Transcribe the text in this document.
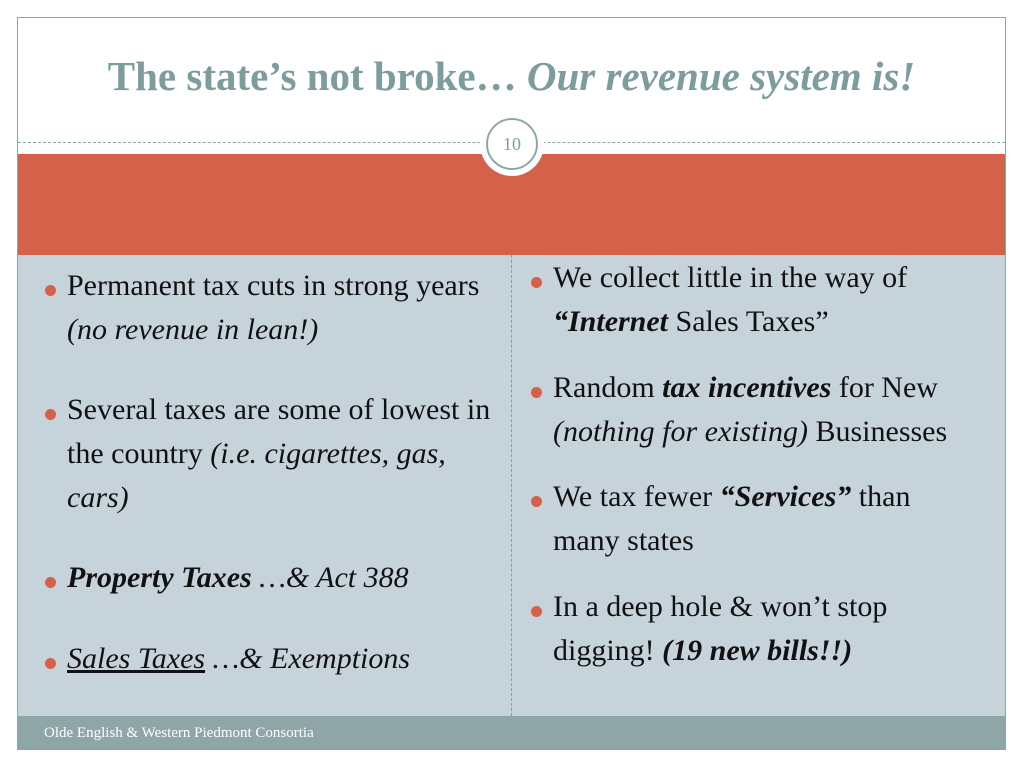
The state’s not broke… Our revenue system is!
10
Permanent tax cuts in strong years (no revenue in lean!)
Several taxes are some of lowest in the country (i.e. cigarettes, gas, cars)
Property Taxes …& Act 388
Sales Taxes …& Exemptions
We collect little in the way of “Internet Sales Taxes”
Random tax incentives for New (nothing for existing) Businesses
We tax fewer “Services” than many states
In a deep hole & won’t stop digging! (19 new bills!!)
Olde English & Western Piedmont Consortia
